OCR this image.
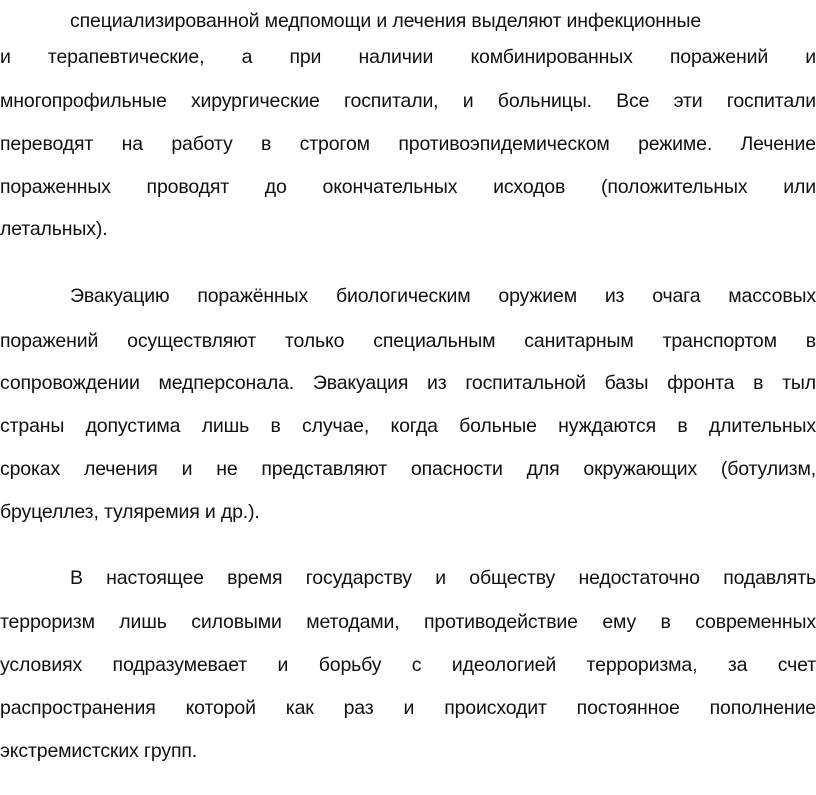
специализированной медпомощи и лечения выделяют инфекционные
и терапевтические, а при наличии комбинированных поражений и
многопрофильные хирургические госпитали, и больницы. Все эти госпитали
переводят на работу в строгом противоэпидемическом режиме. Лечение
пораженных проводят до окончательных исходов (положительных или
летальных).
Эвакуацию поражённых биологическим оружием из очага массовых
поражений осуществляют только специальным санитарным транспортом в
сопровождении медперсонала. Эвакуация из госпитальной базы фронта в тыл
страны допустима лишь в случае, когда больные нуждаются в длительных
сроках лечения и не представляют опасности для окружающих (ботулизм,
бруцеллез, туляремия и др.).
В настоящее время государству и обществу недостаточно подавлять
терроризм лишь силовыми методами, противодействие ему в современных
условиях подразумевает и борьбу с идеологией терроризма, за счет
распространения которой как раз и происходит постоянное пополнение
экстремистских групп.
